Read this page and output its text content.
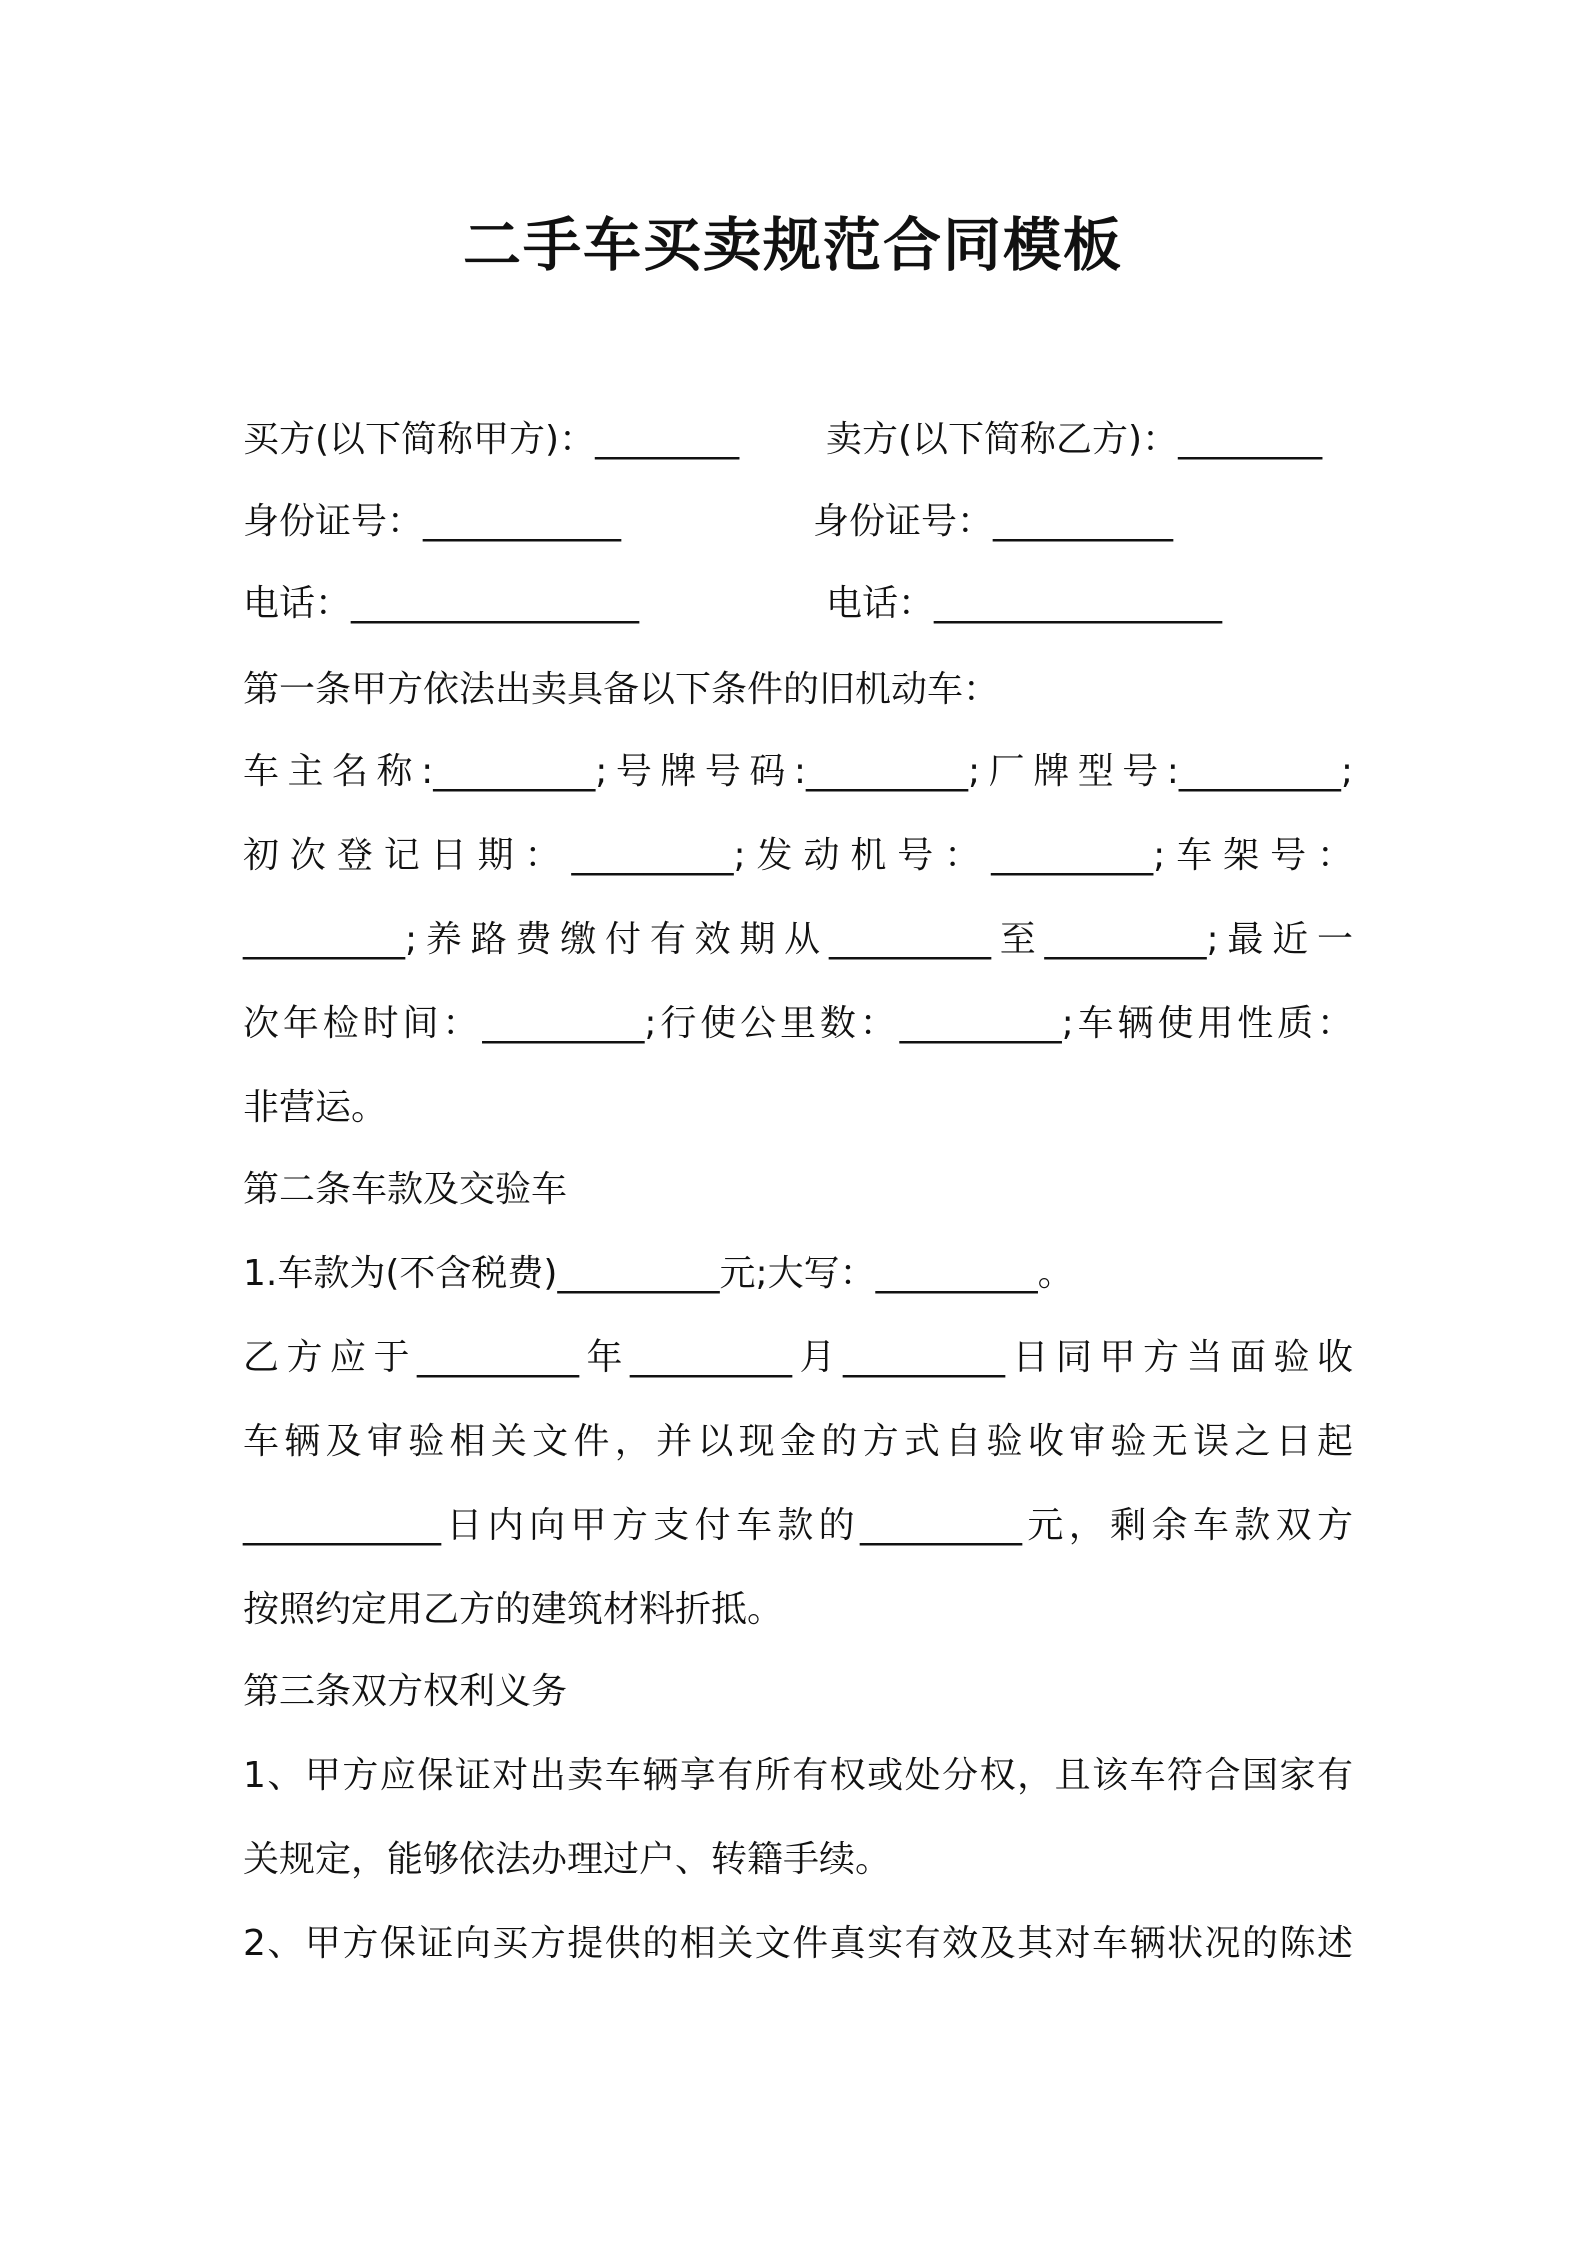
二手车买卖规范合同模板
买方(以下简称甲方)：________ 卖方(以下简称乙方)：________
身份证号：___________	身份证号：__________
电话：________________	电话：________________
第一条甲方依法出卖具备以下条件的旧机动车：
车主名称:_________;号牌号码:_________;厂牌型号:_________;
初次登记日期：_________;发动机号：_________;车架号：
_________;养路费缴付有效期从_________至_________;最近一
次年检时间：_________;行使公里数：_________;车辆使用性质：
非营运。
第二条车款及交验车
1.车款为(不含税费)_________元;大写：_________。
乙方应于_________年_________月_________日同甲方当面验收
车辆及审验相关文件，并以现金的方式自验收审验无误之日起
___________日内向甲方支付车款的_________元，剩余车款双方
按照约定用乙方的建筑材料折抵。
第三条双方权利义务
1、甲方应保证对出卖车辆享有所有权或处分权，且该车符合国家有
关规定，能够依法办理过户、转籍手续。
2、甲方保证向买方提供的相关文件真实有效及其对车辆状况的陈述
